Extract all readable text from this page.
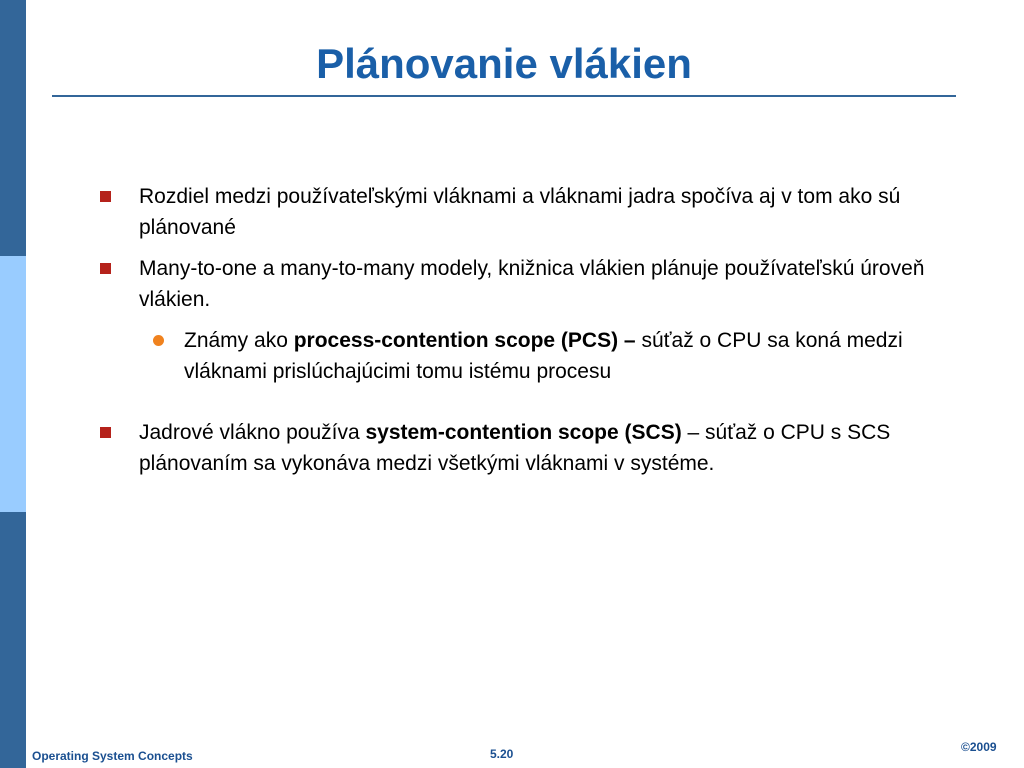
Plánovanie vlákien
Rozdiel medzi používateľskými vláknami a vláknami jadra spočíva aj v tom ako sú plánované
Many-to-one a many-to-many modely, knižnica vlákien plánuje používateľskú úroveň vlákien.
Známy ako process-contention scope (PCS) – súťaž o CPU sa koná medzi vláknami prislúchajúcimi tomu istému procesu
Jadrové vlákno používa system-contention scope (SCS) – súťaž o CPU s SCS plánovaním sa vykonáva medzi všetkými vláknami v systéme.
Operating System Concepts	5.20	©2009
